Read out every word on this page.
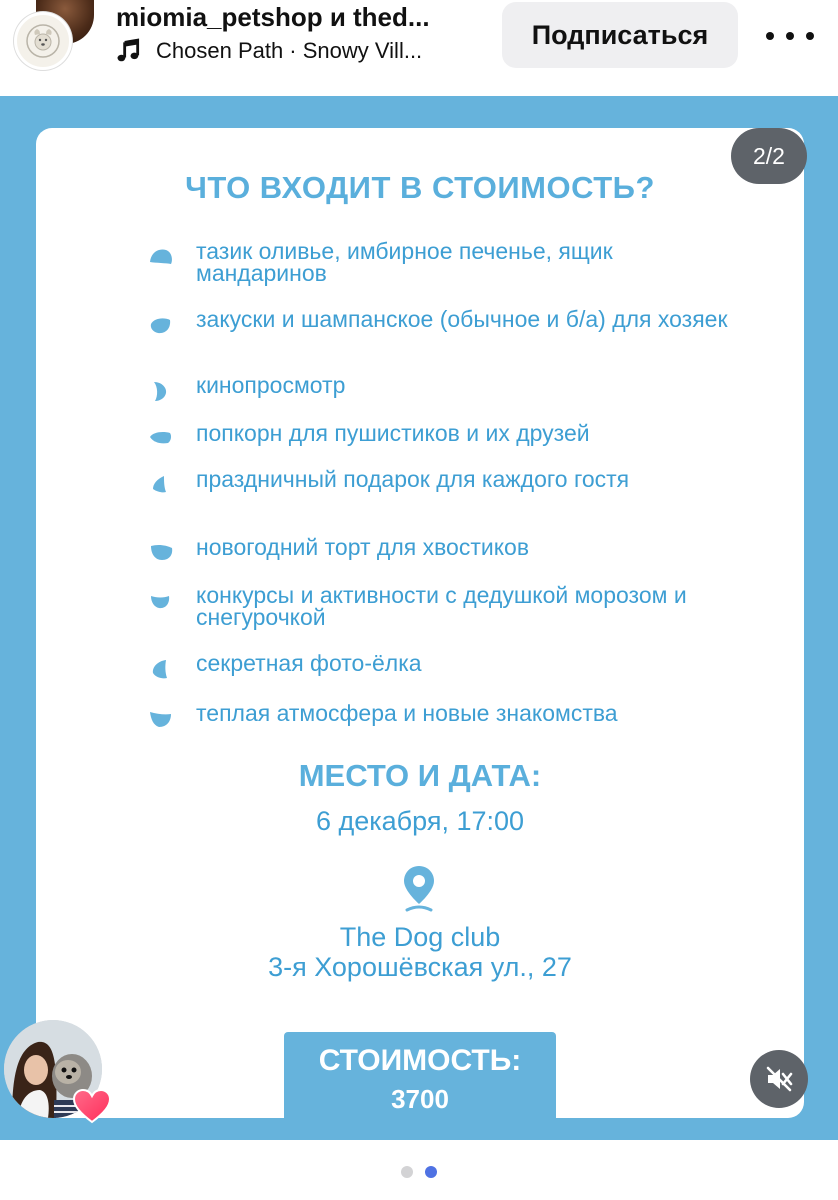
miomia_petshop и thed...
Chosen Path · Snowy Vill...
Подписаться
ЧТО ВХОДИТ В СТОИМОСТЬ?
тазик оливье, имбирное печенье, ящик мандаринов
закуски и шампанское (обычное и б/а) для хозяек
кинопросмотр
попкорн для пушистиков и их друзей
праздничный подарок для каждого гостя
новогодний торт для хвостиков
конкурсы и активности с дедушкой морозом и снегурочкой
секретная фото-ёлка
теплая атмосфера и новые знакомства
МЕСТО И ДАТА:
6 декабря, 17:00
The Dog club
3-я Хорошёвская ул., 27
СТОИМОСТЬ:
3700
2/2
